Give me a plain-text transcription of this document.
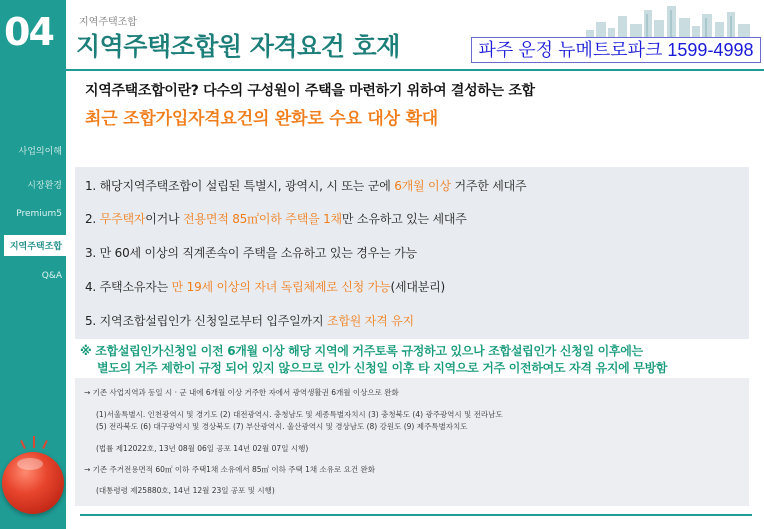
04
사업의이해
시장환경
Premium5
지역주택조합
Q&A
지역주택조합
지역주택조합원 자격요건 호재	파주 운정 뉴메트로파크 1599-4998
지역주택조합이란? 다수의 구성원이 주택을 마련하기 위하여 결성하는 조합
최근 조합가입자격요건의 완화로 수요 대상 확대
1. 해당지역주택조합이 설립된 특별시, 광역시, 시 또는 군에 6개월 이상 거주한 세대주
2. 무주택자이거나 전용면적 85㎡이하 주택을 1채만 소유하고 있는 세대주
3. 만 60세 이상의 직계존속이 주택을 소유하고 있는 경우는 가능
4. 주택소유자는 만 19세 이상의 자녀 독립체제로 신청 가능(세대분리)
5. 지역조합설립인가 신청일로부터 입주일까지 조합원 자격 유지
※ 조합설립인가신청일 이전 6개월 이상 해당 지역에 거주토록 규정하고 있으나 조합설립인가 신청일 이후에는
별도의 거주 제한이 규정 되어 있지 않으므로 인가 신청일 이후 타 지역으로 거주 이전하여도 자격 유지에 무방함
→ 기존 사업지역과 동일 시 · 군 내에 6개월 이상 거주한 자에서 광역생활권 6개월 이상으로 완화
(1)서울특별시. 인천광역시 및 경기도 (2) 대전광역시. 충청남도 및 세종특별자치시 (3) 충청북도 (4) 광주광역시 및 전라남도
(5) 전라북도 (6) 대구광역시 및 경상북도 (7) 부산광역시. 울산광역시 및 경상남도 (8) 강원도 (9) 제주특별자치도
(법률 제12022호, 13년 08월 06일 공포 14년 02월 07일 시행)
→ 기존 주거전용면적 60㎡ 이하 주택1채 소유에서 85㎡ 이하 주택 1채 소유로 요건 완화
(대통령령 제25880호, 14년 12월 23일 공포 및 시행)
